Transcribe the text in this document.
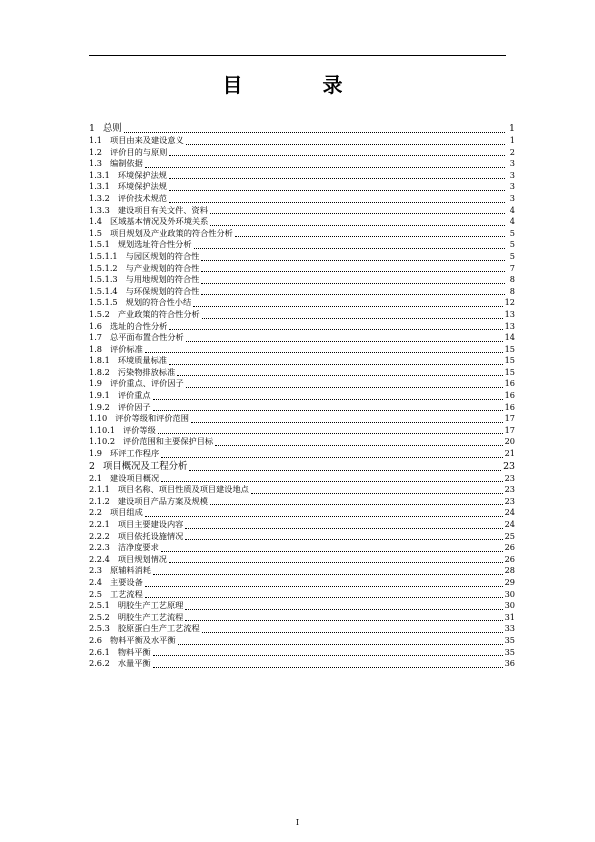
目　录
1 总则	1
1.1 项目由来及建设意义	1
1.2 评价目的与原则	2
1.3 编制依据	3
1.3.1 环境保护法规	3
1.3.1 环境保护法规	3
1.3.2 评价技术规范	3
1.3.3 建设项目有关文件、资料	4
1.4 区域基本情况及外环境关系	4
1.5 项目规划及产业政策的符合性分析	5
1.5.1 规划选址符合性分析	5
1.5.1.1 与园区规划的符合性	5
1.5.1.2 与产业规划的符合性	7
1.5.1.3 与用地规划的符合性	8
1.5.1.4 与环保规划的符合性	8
1.5.1.5 规划的符合性小结	12
1.5.2 产业政策的符合性分析	13
1.6 选址的合性分析	13
1.7 总平面布置合性分析	14
1.8 评价标准	15
1.8.1 环境质量标准	15
1.8.2 污染物排放标准	15
1.9 评价重点、评价因子	16
1.9.1 评价重点	16
1.9.2 评价因子	16
1.10 评价等级和评价范围	17
1.10.1 评价等级	17
1.10.2 评价范围和主要保护目标	20
1.9 环评工作程序	21
2 项目概况及工程分析	23
2.1 建设项目概况	23
2.1.1 项目名称、项目性质及项目建设地点	23
2.1.2 建设项目产品方案及规模	23
2.2 项目组成	24
2.2.1 项目主要建设内容	24
2.2.2 项目依托设施情况	25
2.2.3 洁净度要求	26
2.2.4 项目规划情况	26
2.3 原辅料消耗	28
2.4 主要设备	29
2.5 工艺流程	30
2.5.1 明胶生产工艺原理	30
2.5.2 明胶生产工艺流程	31
2.5.3 胶原蛋白生产工艺流程	33
2.6 物料平衡及水平衡	35
2.6.1 物料平衡	35
2.6.2 水量平衡	36
I
